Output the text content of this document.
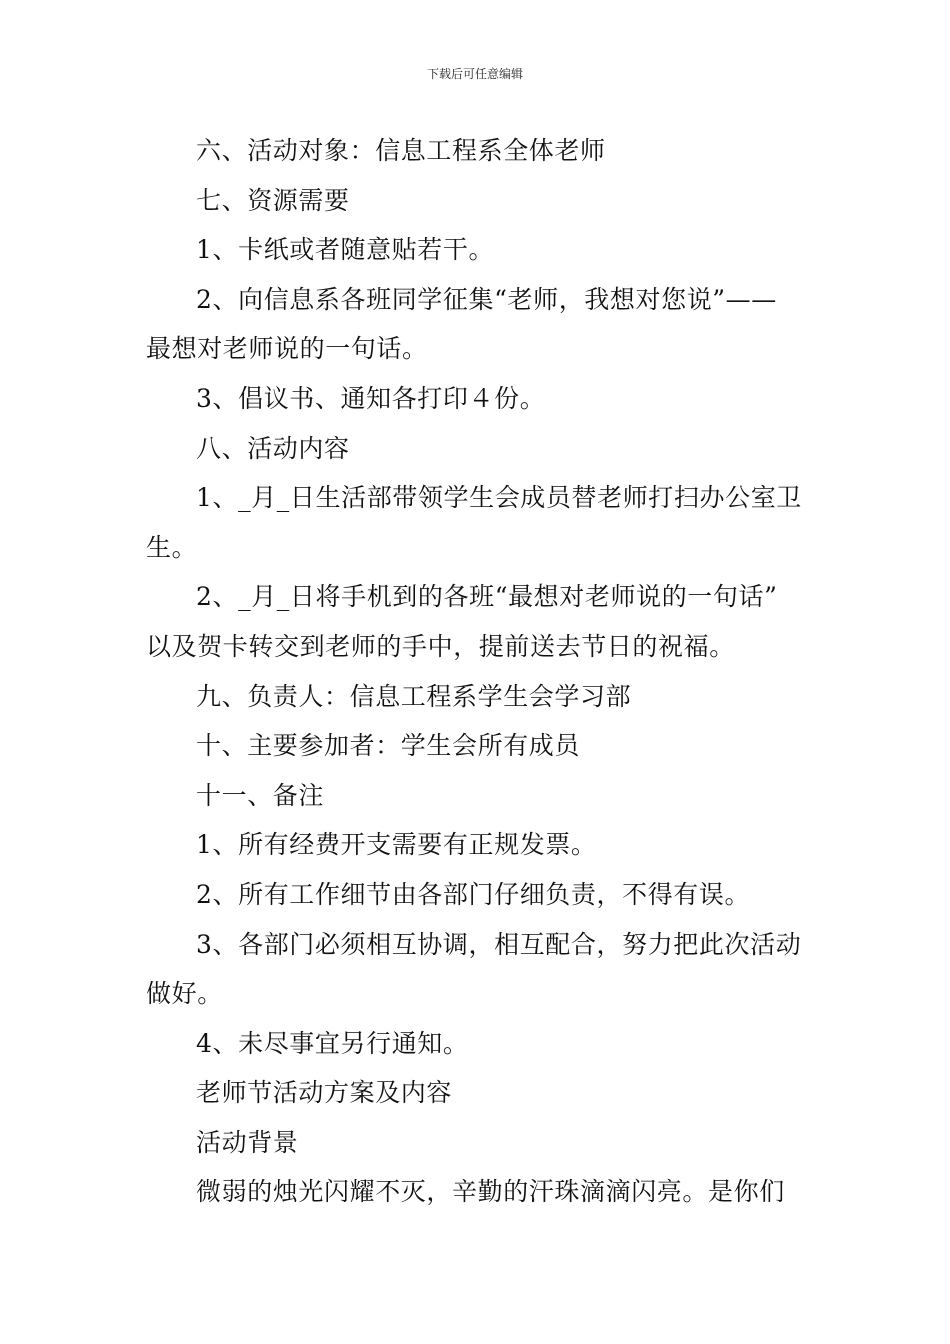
下载后可任意编辑

六、活动对象：信息工程系全体老师

七、资源需要

1、卡纸或者随意贴若干。

2、向信息系各班同学征集“老师，我想对您说”——
最想对老师说的一句话。

3、倡议书、通知各打印４份。

八、活动内容

1、_月_日生活部带领学生会成员替老师打扫办公室卫
生。

2、_月_日将手机到的各班“最想对老师说的一句话”
以及贺卡转交到老师的手中，提前送去节日的祝福。

九、负责人：信息工程系学生会学习部

十、主要参加者：学生会所有成员

十一、备注

1、所有经费开支需要有正规发票。

2、所有工作细节由各部门仔细负责，不得有误。

3、各部门必须相互协调，相互配合，努力把此次活动
做好。

4、未尽事宜另行通知。

老师节活动方案及内容

活动背景

微弱的烛光闪耀不灭，辛勤的汗珠滴滴闪亮。是你们
